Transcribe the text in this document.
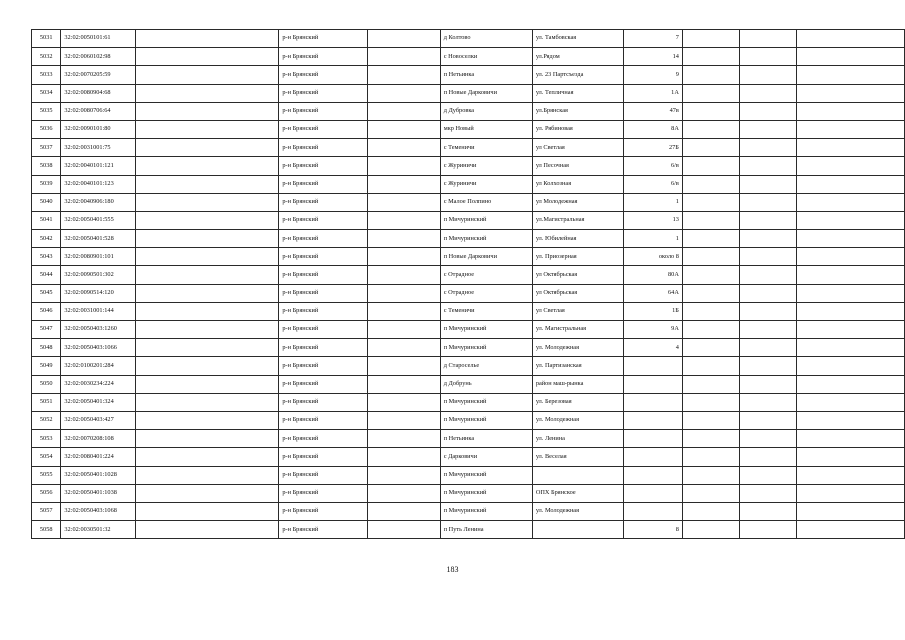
5031	32:02:0050101:61		р-н Брянский		д Колтово	ул. Тамбовская	7			
5032	32:02:0060102:98		р-н Брянский		с Новоселки	ул.Рядом	14			
5033	32:02:0070205:59		р-н Брянский		п Нетьинка	ул. 23 Партсъезда	9			
5034	32:02:0080904:68		р-н Брянский		п Новые Дарковичи	ул. Тепличная	1А			
5035	32:02:0080706:64		р-н Брянский		д Дубровка	ул.Брянская	47в			
5036	32:02:0090101:80		р-н Брянский		мкр Новый	ул. Рябиновая	8А			
5037	32:02:0031001:75		р-н Брянский		с Теменичи	ул Светлая	27Б			
5038	32:02:0040101:121		р-н Брянский		с Журиничи	ул Песочная	6/в			
5039	32:02:0040101:123		р-н Брянский		с Журиничи	ул Колхозная	6/в			
5040	32:02:0040906:180		р-н Брянский		с Малое Полпино	ул Молодежная	1			
5041	32:02:0050401:555		р-н Брянский		п Мичуринский	ул.Магистральная	13			
5042	32:02:0050401:528		р-н Брянский		п Мичуринский	ул. Юбилейная	1			
5043	32:02:0080901:101		р-н Брянский		п Новые Дарковичи	ул. Приозерная	около 8			
5044	32:02:0090501:302		р-н Брянский		с Отрадное	ул Октябрьская	80А			
5045	32:02:0090514:120		р-н Брянский		с Отрадное	ул Октябрьская	64А			
5046	32:02:0031001:144		р-н Брянский		с Теменичи	ул Светлая	1Б			
5047	32:02:0050403:1260		р-н Брянский		п Мичуринский	ул. Магистральная	9А			
5048	32:02:0050403:1066		р-н Брянский		п Мичуринский	ул. Молодежная	4			
5049	32:02:0100201:284		р-н Брянский		д Староселье	ул. Партизанская				
5050	32:02:0030234:224		р-н Брянский		д Добрунь	район маш-рынка				
5051	32:02:0050401:324		р-н Брянский		п Мичуринский	ул. Березовая				
5052	32:02:0050403:427		р-н Брянский		п Мичуринский	ул. Молодежная				
5053	32:02:0070208:108		р-н Брянский		п Нетьинка	ул. Ленина				
5054	32:02:0080401:224		р-н Брянский		с Дарковичи	ул. Веселая				
5055	32:02:0050401:1028		р-н Брянский		п Мичуринский					
5056	32:02:0050401:1038		р-н Брянский		п Мичуринский	ОПХ Брянское				
5057	32:02:0050403:1068		р-н Брянский		п Мичуринский	ул. Молодежная				
5058	32:02:0030501:32		р-н Брянский		п Путь Ленина		8			
183
